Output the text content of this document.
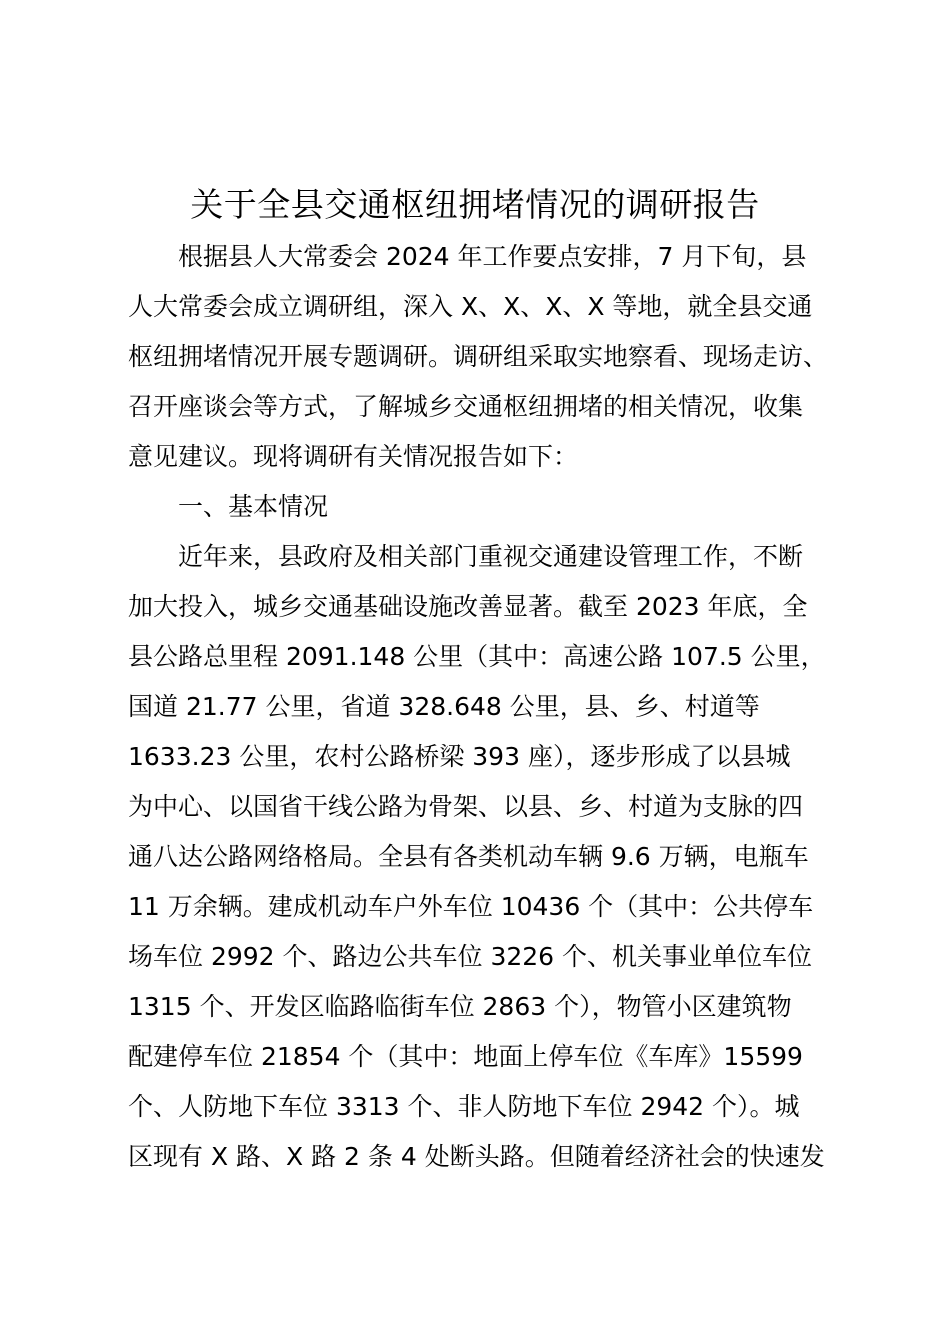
关于全县交通枢纽拥堵情况的调研报告
根据县人大常委会 2024 年工作要点安排，7 月下旬，县
人大常委会成立调研组，深入 X、X、X、X 等地，就全县交通
枢纽拥堵情况开展专题调研。调研组采取实地察看、现场走访、
召开座谈会等方式，了解城乡交通枢纽拥堵的相关情况，收集
意见建议。现将调研有关情况报告如下：
一、基本情况
近年来，县政府及相关部门重视交通建设管理工作，不断
加大投入，城乡交通基础设施改善显著。截至 2023 年底，全
县公路总里程 2091.148 公里（其中：高速公路 107.5 公里，
国道 21.77 公里，省道 328.648 公里，县、乡、村道等
1633.23 公里，农村公路桥梁 393 座），逐步形成了以县城
为中心、以国省干线公路为骨架、以县、乡、村道为支脉的四
通八达公路网络格局。全县有各类机动车辆 9.6 万辆，电瓶车
11 万余辆。建成机动车户外车位 10436 个（其中：公共停车
场车位 2992 个、路边公共车位 3226 个、机关事业单位车位
1315 个、开发区临路临街车位 2863 个），物管小区建筑物
配建停车位 21854 个（其中：地面上停车位《车库》15599
个、人防地下车位 3313 个、非人防地下车位 2942 个）。城
区现有 X 路、X 路 2 条 4 处断头路。但随着经济社会的快速发
